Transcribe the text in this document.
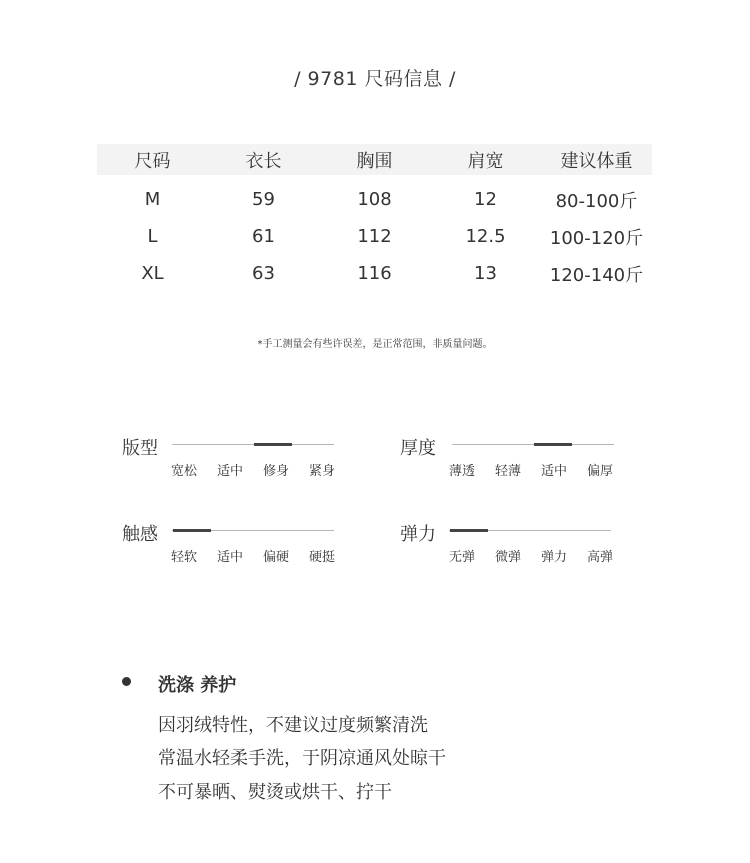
/ 9781 尺码信息 /
尺码	衣长	胸围	肩宽	建议体重
M	59	108	12	80-100斤
L	61	112	12.5	100-120斤
XL	63	116	13	120-140斤
*手工测量会有些许误差，是正常范围，非质量问题。
版型
宽松	适中	修身	紧身
厚度
薄透	轻薄	适中	偏厚
触感
轻软	适中	偏硬	硬挺
弹力
无弹	微弹	弹力	高弹
洗涤 养护
因羽绒特性，不建议过度频繁清洗
常温水轻柔手洗，于阴凉通风处晾干
不可暴晒、熨烫或烘干、拧干
